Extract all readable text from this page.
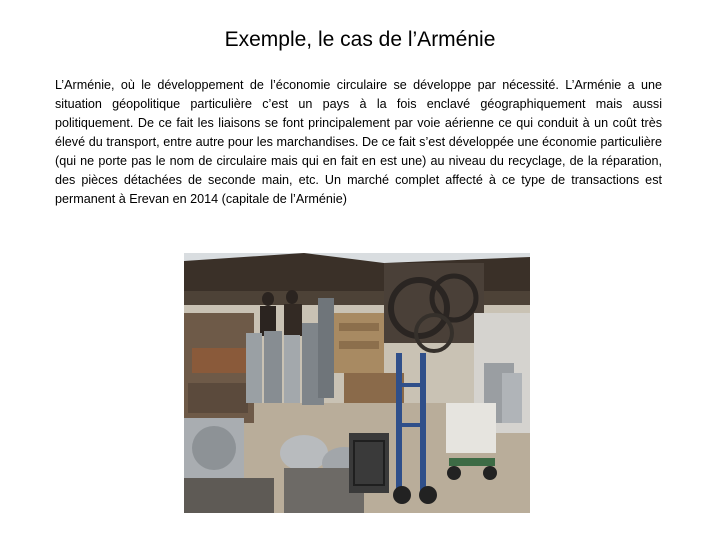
Exemple, le cas de l’Arménie

L’Arménie, où le développement de l’économie circulaire se développe par nécessité. L’Arménie a une situation géopolitique particulière c’est un pays à la fois enclavé géographiquement mais aussi politiquement. De ce fait les liaisons se font principalement par voie aérienne ce qui conduit à un coût très élevé du transport, entre autre pour les marchandises. De ce fait s’est développée une économie particulière (qui ne porte pas le nom de circulaire mais qui en fait en est une) au niveau du recyclage, de la réparation, des pièces détachées de seconde main, etc. Un marché complet affecté à ce type de transactions est permanent à Erevan en 2014 (capitale de l’Arménie)
